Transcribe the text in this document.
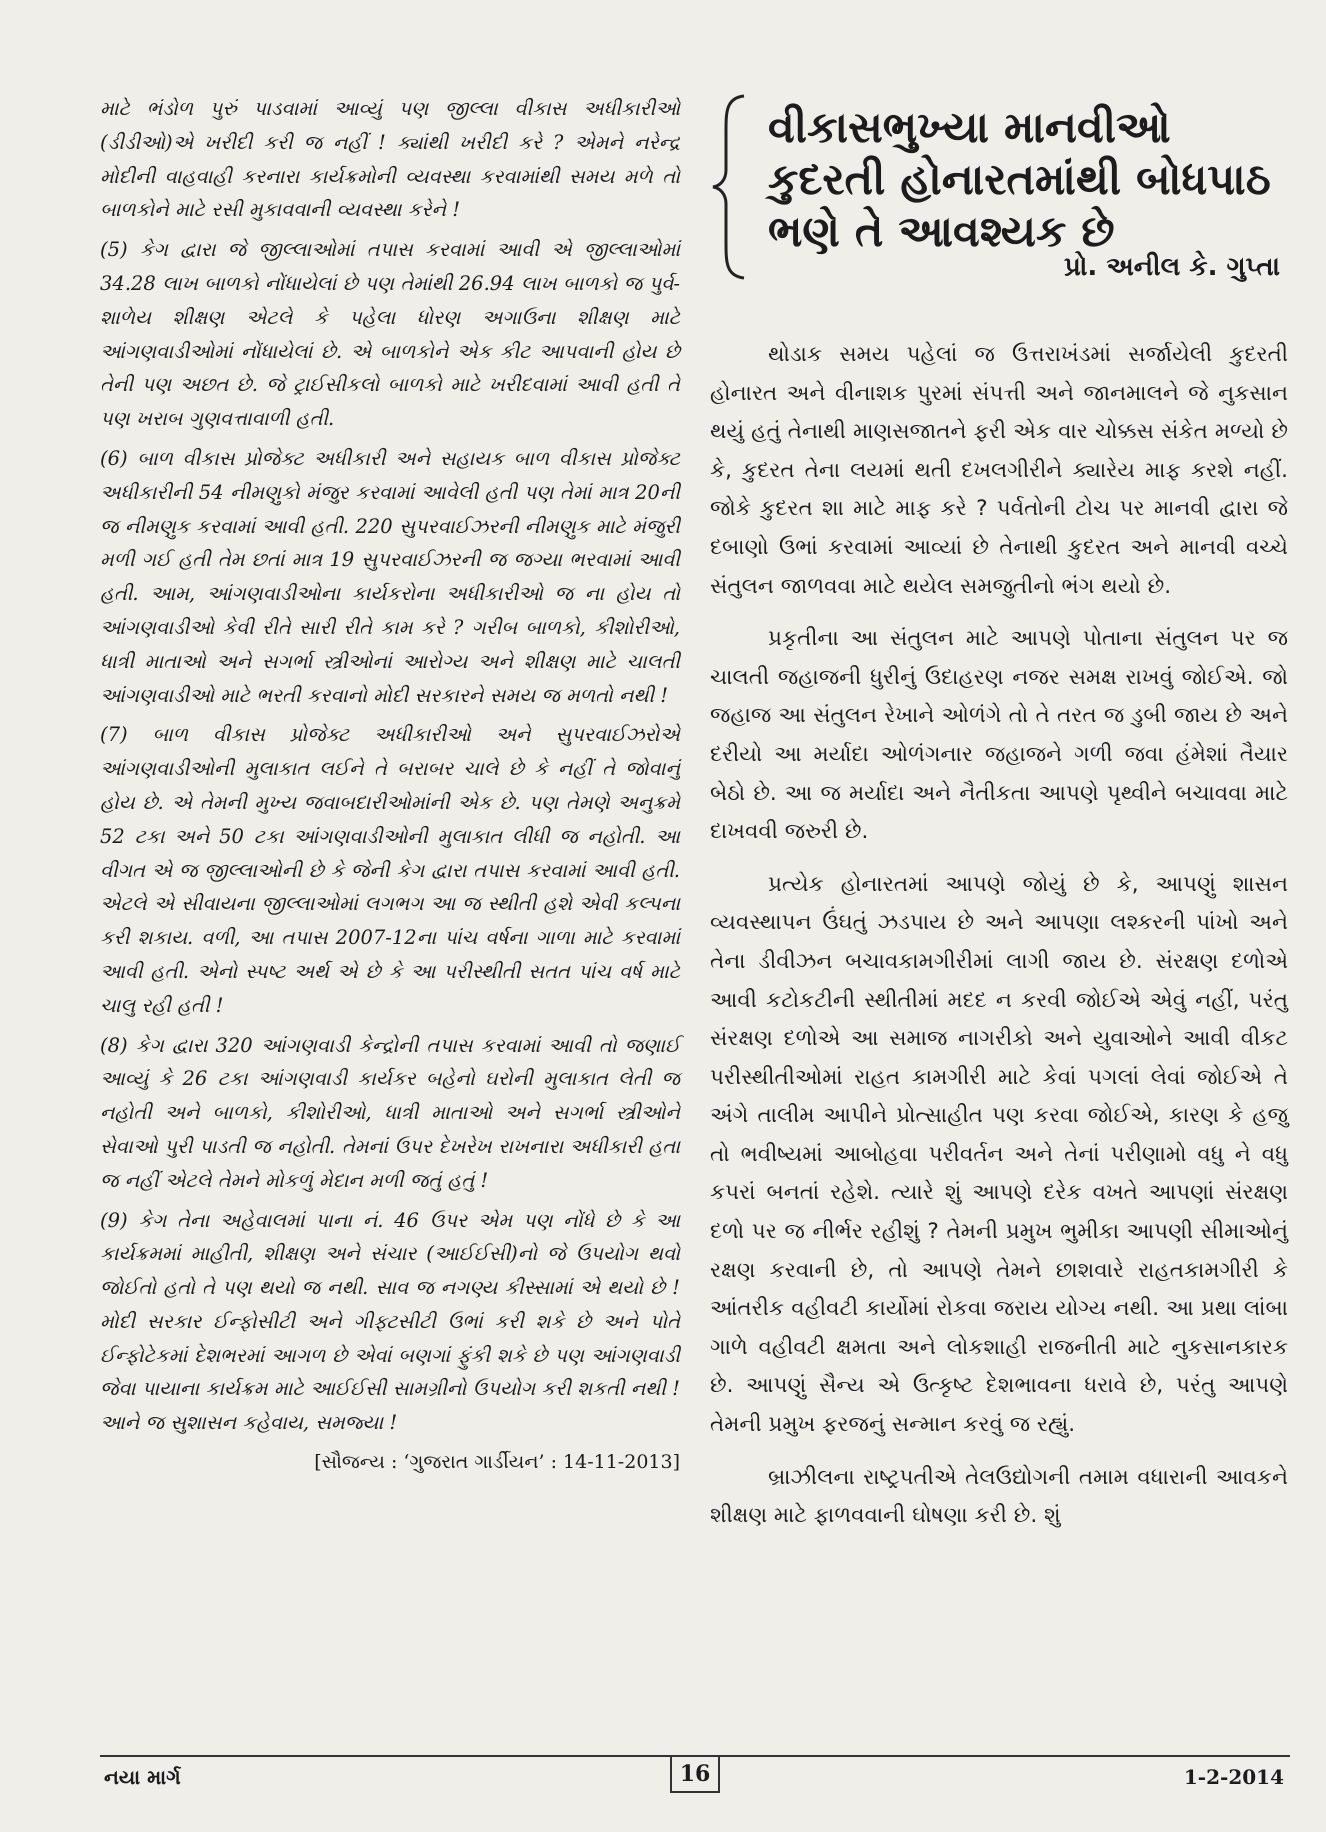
માટે ભંડોળ પુરું પાડવામાં આવ્યું પણ જીલ્લા વીકાસ અધીકારીઓ (ડીડીઓ)એ ખરીદી કરી જ નહીં ! ક્યાંથી ખરીદી કરે ? એમને નરેન્દ્ર મોદીની વાહવાહી કરનારા કાર્યક્રમોની વ્યવસ્થા કરવામાંથી સમય મળે તો બાળકોને માટે રસી મુકાવવાની વ્યવસ્થા કરેને !

(5) કેગ દ્વારા જે જીલ્લાઓમાં તપાસ કરવામાં આવી એ જીલ્લાઓમાં 34.28 લાખ બાળકો નોંધાયેલાં છે પણ તેમાંથી 26.94 લાખ બાળકો જ પુર્વ-શાળેય શીક્ષણ એટલે કે પહેલા ધોરણ અગાઉના શીક્ષણ માટે આંગણવાડીઓમાં નોંધાયેલાં છે. એ બાળકોને એક કીટ આપવાની હોય છે તેની પણ અછત છે. જે ટ્રાઈસીકલો બાળકો માટે ખરીદવામાં આવી હતી તે પણ ખરાબ ગુણવત્તાવાળી હતી.

(6) બાળ વીકાસ પ્રોજેક્ટ અધીકારી અને સહાયક બાળ વીકાસ પ્રોજેક્ટ અધીકારીની 54 નીમણુકો મંજુર કરવામાં આવેલી હતી પણ તેમાં માત્ર 20ની જ નીમણુક કરવામાં આવી હતી. 220 સુપરવાઈઝરની નીમણુક માટે મંજુરી મળી ગઈ હતી તેમ છતાં માત્ર 19 સુપરવાઈઝરની જ જગ્યા ભરવામાં આવી હતી. આમ, આંગણવાડીઓના કાર્યકરોના અધીકારીઓ જ ના હોય તો આંગણવાડીઓ કેવી રીતે સારી રીતે કામ કરે ? ગરીબ બાળકો, કીશોરીઓ, ધાત્રી માતાઓ અને સગર્ભા સ્ત્રીઓનાં આરોગ્ય અને શીક્ષણ માટે ચાલતી આંગણવાડીઓ માટે ભરતી કરવાનો મોદી સરકારને સમય જ મળતો નથી !

(7) બાળ વીકાસ પ્રોજેક્ટ અધીકારીઓ અને સુપરવાઈઝરોએ આંગણવાડીઓની મુલાકાત લઈને તે બરાબર ચાલે છે કે નહીં તે જોવાનું હોય છે. એ તેમની મુખ્ય જવાબદારીઓમાંની એક છે. પણ તેમણે અનુક્રમે 52 ટકા અને 50 ટકા આંગણવાડીઓની મુલાકાત લીધી જ નહોતી. આ વીગત એ જ જીલ્લાઓની છે કે જેની કેગ દ્વારા તપાસ કરવામાં આવી હતી. એટલે એ સીવાયના જીલ્લાઓમાં લગભગ આ જ સ્થીતી હશે એવી કલ્પના કરી શકાય. વળી, આ તપાસ 2007-12ના પાંચ વર્ષના ગાળા માટે કરવામાં આવી હતી. એનો સ્પષ્ટ અર્થ એ છે કે આ પરીસ્થીતી સતત પાંચ વર્ષ માટે ચાલુ રહી હતી !

(8) કેગ દ્વારા 320 આંગણવાડી કેન્દ્રોની તપાસ કરવામાં આવી તો જણાઈ આવ્યું કે 26 ટકા આંગણવાડી કાર્યકર બહેનો ઘરોની મુલાકાત લેતી જ નહોતી અને બાળકો, કીશોરીઓ, ધાત્રી માતાઓ અને સગર્ભા સ્ત્રીઓને સેવાઓ પુરી પાડતી જ નહોતી. તેમનાં ઉપર દેખરેખ રાખનારા અધીકારી હતા જ નહીં એટલે તેમને મોકળું મેદાન મળી જતું હતું !

(9) કેગ તેના અહેવાલમાં પાના નં. 46 ઉપર એમ પણ નોંધે છે કે આ કાર્યક્રમમાં માહીતી, શીક્ષણ અને સંચાર (આઈઈસી)નો જે ઉપયોગ થવો જોઈતો હતો તે પણ થયો જ નથી. સાવ જ નગણ્ય કીસ્સામાં એ થયો છે ! મોદી સરકાર ઈન્ફોસીટી અને ગીફ્ટસીટી ઉભાં કરી શકે છે અને પોતે ઈન્ફોટેકમાં દેશભરમાં આગળ છે એવાં બણગાં ફુંકી શકે છે પણ આંગણવાડી જેવા પાયાના કાર્યક્રમ માટે આઈઈસી સામગ્રીનો ઉપયોગ કરી શકતી નથી ! આને જ સુશાસન કહેવાય, સમજ્યા !

[સૌજન્ય : ‘ગુજરાત ગાર્ડીયન’ : 14-11-2013]
વીકાસભુખ્યા માનવીઓ કુદરતી હોનારતમાંથી બોધપાઠ ભણે તે આવશ્યક છે
પ્રો. અનીલ કે. ગુપ્તા

થોડાક સમય પહેલાં જ ઉત્તરાખંડમાં સર્જાયેલી કુદરતી હોનારત અને વીનાશક પુરમાં સંપત્તી અને જાનમાલને જે નુકસાન થયું હતું તેનાથી માણસજાતને ફરી એક વાર ચોક્કસ સંકેત મળ્યો છે કે, કુદરત તેના લયમાં થતી દખલગીરીને ક્યારેય માફ કરશે નહીં. જોકે કુદરત શા માટે માફ કરે ? પર્વતોની ટોચ પર માનવી દ્વારા જે દબાણો ઉભાં કરવામાં આવ્યાં છે તેનાથી કુદરત અને માનવી વચ્ચે સંતુલન જાળવવા માટે થયેલ સમજુતીનો ભંગ થયો છે.

પ્રકૃતીના આ સંતુલન માટે આપણે પોતાના સંતુલન પર જ ચાલતી જહાજની ધુરીનું ઉદાહરણ નજર સમક્ષ રાખવું જોઈએ. જો જહાજ આ સંતુલન રેખાને ઓળંગે તો તે તરત જ ડુબી જાય છે અને દરીયો આ મર્યાદા ઓળંગનાર જહાજને ગળી જવા હંમેશાં તૈયાર બેઠો છે. આ જ મર્યાદા અને નૈતીકતા આપણે પૃથ્વીને બચાવવા માટે દાખવવી જરુરી છે.

પ્રત્યેક હોનારતમાં આપણે જોયું છે કે, આપણું શાસન વ્યવસ્થાપન ઉંઘતું ઝડપાય છે અને આપણા લશ્કરની પાંખો અને તેના ડીવીઝન બચાવકામગીરીમાં લાગી જાય છે. સંરક્ષણ દળોએ આવી કટોકટીની સ્થીતીમાં મદદ ન કરવી જોઈએ એવું નહીં, પરંતુ સંરક્ષણ દળોએ આ સમાજ નાગરીકો અને યુવાઓને આવી વીકટ પરીસ્થીતીઓમાં રાહત કામગીરી માટે કેવાં પગલાં લેવાં જોઈએ તે અંગે તાલીમ આપીને પ્રોત્સાહીત પણ કરવા જોઈએ, કારણ કે હજુ તો ભવીષ્યમાં આબોહવા પરીવર્તન અને તેનાં પરીણામો વધુ ને વધુ કપરાં બનતાં રહેશે. ત્યારે શું આપણે દરેક વખતે આપણાં સંરક્ષણ દળો પર જ નીર્ભર રહીશું ? તેમની પ્રમુખ ભુમીકા આપણી સીમાઓનું રક્ષણ કરવાની છે, તો આપણે તેમને છાશવારે રાહતકામગીરી કે આંતરીક વહીવટી કાર્યોમાં રોકવા જરાય યોગ્ય નથી. આ પ્રથા લાંબા ગાળે વહીવટી ક્ષમતા અને લોકશાહી રાજનીતી માટે નુકસાનકારક છે. આપણું સૈન્ય એ ઉત્કૃષ્ટ દેશભાવના ધરાવે છે, પરંતુ આપણે તેમની પ્રમુખ ફરજનું સન્માન કરવું જ રહ્યું.

બ્રાઝીલના રાષ્ટ્રપતીએ તેલઉદ્યોગની તમામ વધારાની આવકને શીક્ષણ માટે ફાળવવાની ઘોષણા કરી છે. શું

નયા માર્ગ	16	1-2-2014
